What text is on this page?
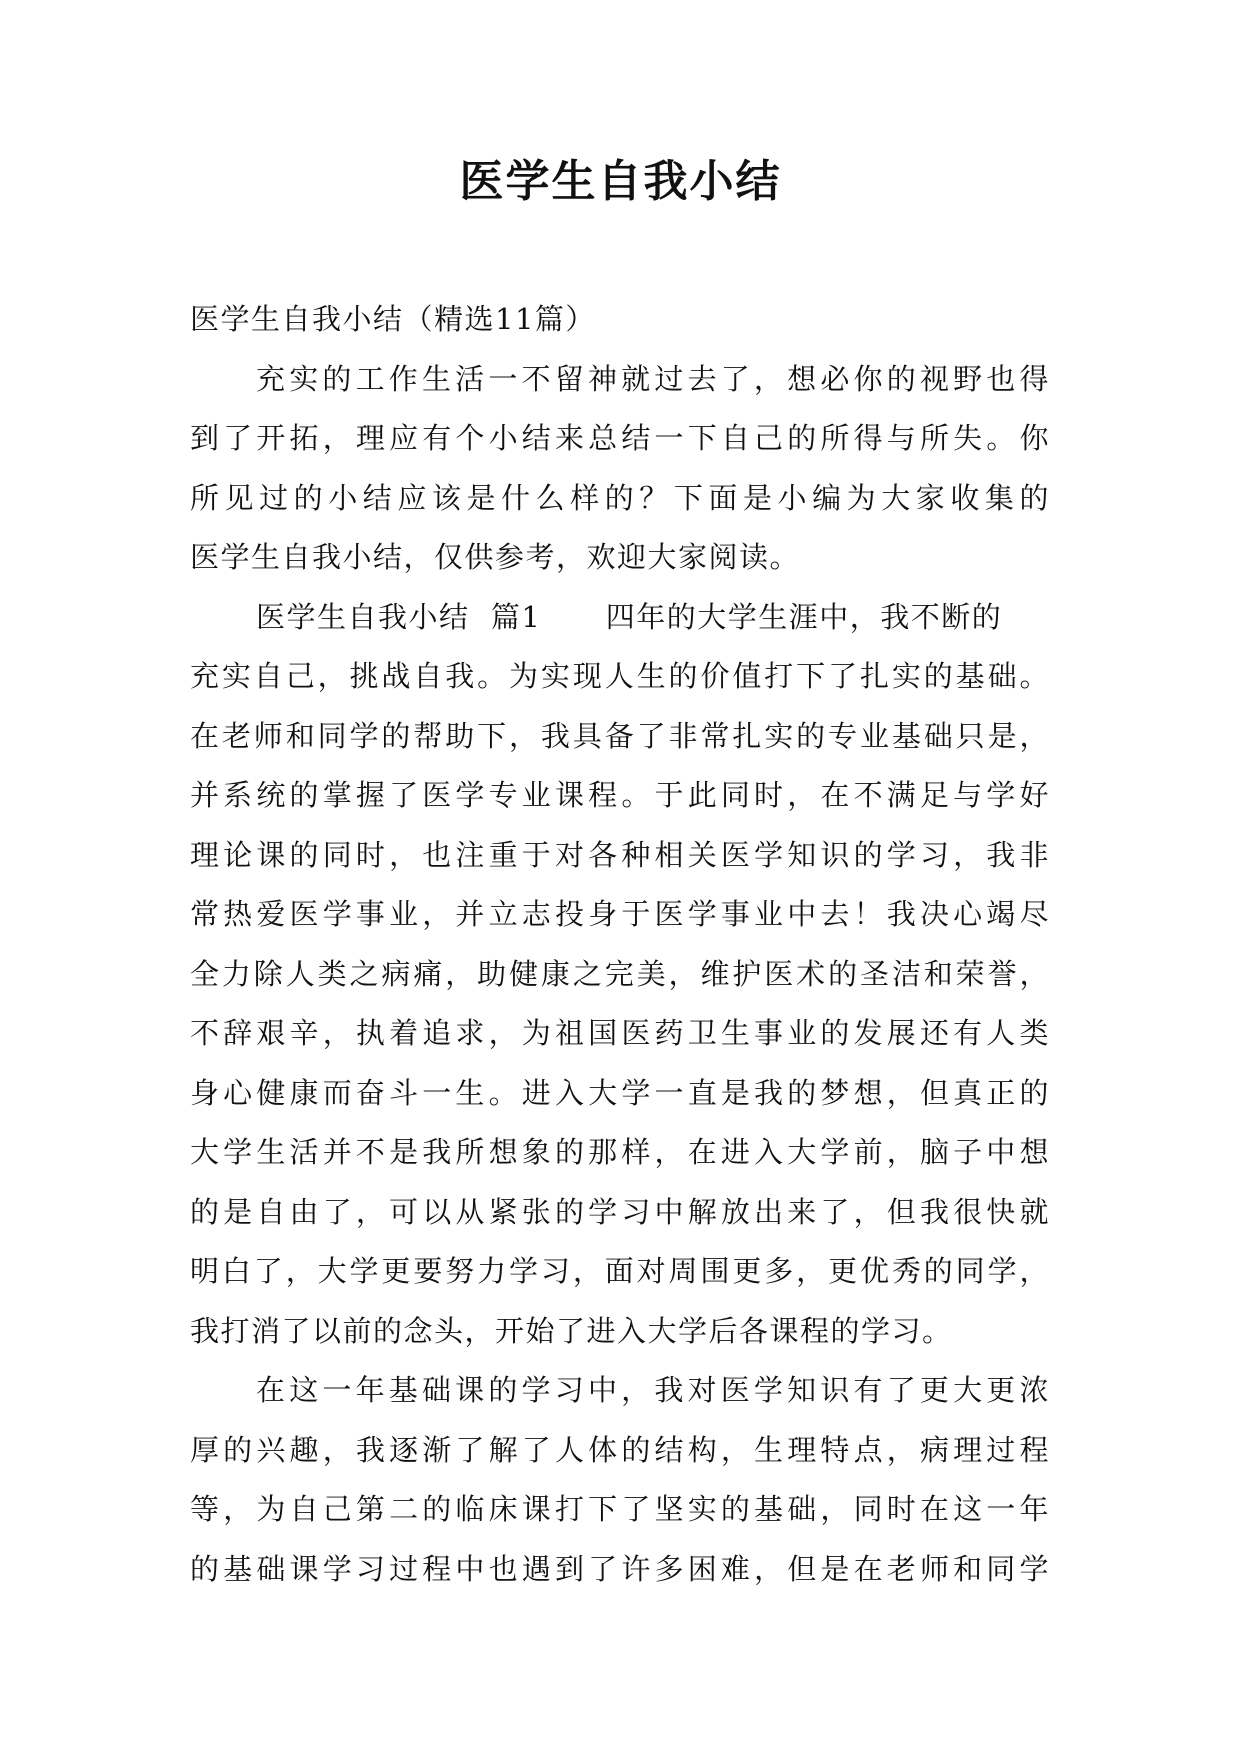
医学生自我小结

医学生自我小结（精选11篇）

充实的工作生活一不留神就过去了，想必你的视野也得

到了开拓，理应有个小结来总结一下自己的所得与所失。你

所见过的小结应该是什么样的？下面是小编为大家收集的

医学生自我小结，仅供参考，欢迎大家阅读。

医学生自我小结  篇1      四年的大学生涯中，我不断的

充实自己，挑战自我。为实现人生的价值打下了扎实的基础。

在老师和同学的帮助下，我具备了非常扎实的专业基础只是，

并系统的掌握了医学专业课程。于此同时，在不满足与学好

理论课的同时，也注重于对各种相关医学知识的学习，我非

常热爱医学事业，并立志投身于医学事业中去！我决心竭尽

全力除人类之病痛，助健康之完美，维护医术的圣洁和荣誉，

不辞艰辛，执着追求，为祖国医药卫生事业的发展还有人类

身心健康而奋斗一生。进入大学一直是我的梦想，但真正的

大学生活并不是我所想象的那样，在进入大学前，脑子中想

的是自由了，可以从紧张的学习中解放出来了，但我很快就

明白了，大学更要努力学习，面对周围更多，更优秀的同学，

我打消了以前的念头，开始了进入大学后各课程的学习。

在这一年基础课的学习中，我对医学知识有了更大更浓

厚的兴趣，我逐渐了解了人体的结构，生理特点，病理过程

等，为自己第二的临床课打下了坚实的基础，同时在这一年

的基础课学习过程中也遇到了许多困难，但是在老师和同学
